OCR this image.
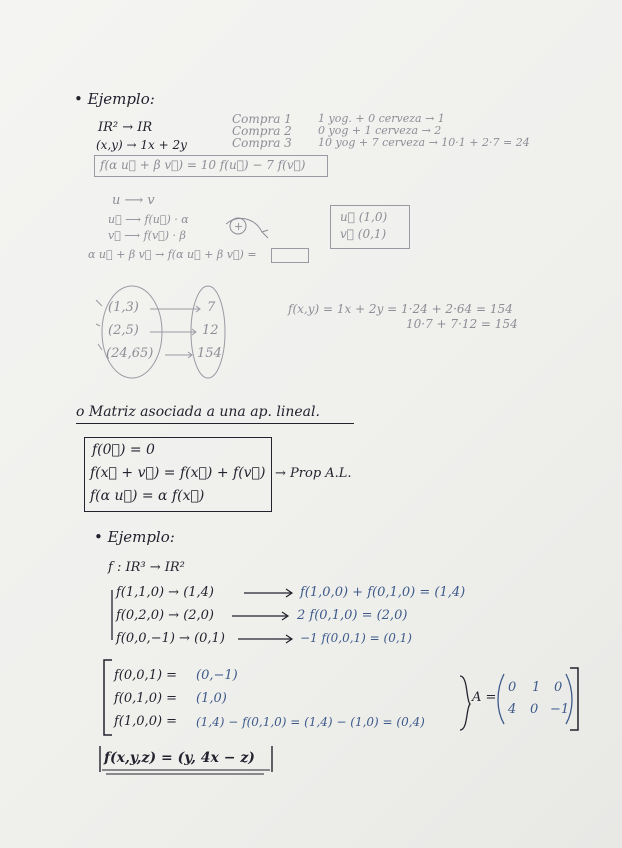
• Ejemplo:
IR² → IR
(x,y) → 1x + 2y
Compra 1
Compra 2
Compra 3
1 yog. + 0 cerveza → 1
0 yog + 1 cerveza → 2
10 yog + 7 cerveza → 10·1 + 2·7 = 24
f(α u⃗ + β v⃗) = 10 f(u⃗) − 7 f(v⃗)
u ⟶ v
u⃗ ⟶ f(u⃗) · α
v⃗ ⟶ f(v⃗) · β
+
α u⃗ + β v⃗ → f(α u⃗ + β v⃗) =
u⃗ (1,0)
v⃗ (0,1)
(1,3)
(2,5)
(24,65)
7
12
154
f(x,y) = 1x + 2y = 1·24 + 2·64 = 154
10·7 + 7·12 = 154
o Matriz asociada a una ap. lineal.
f(0⃗) = 0
f(x⃗ + v⃗) = f(x⃗) + f(v⃗)
f(α u⃗) = α f(x⃗)
→ Prop A.L.
• Ejemplo:
f : IR³ → IR²
f(1,1,0) → (1,4)
f(0,2,0) → (2,0)
f(0,0,−1) → (0,1)
f(1,0,0) + f(0,1,0) = (1,4)
2 f(0,1,0) = (2,0)
−1 f(0,0,1) = (0,1)
f(0,0,1) = (0,−1)
f(0,1,0) = (1,0)
f(1,0,0) = (1,4) − f(0,1,0) = (1,4) − (1,0) = (0,4)
A =
0 1 0
4 0 −1
f(x,y,z) = (y, 4x − z)
